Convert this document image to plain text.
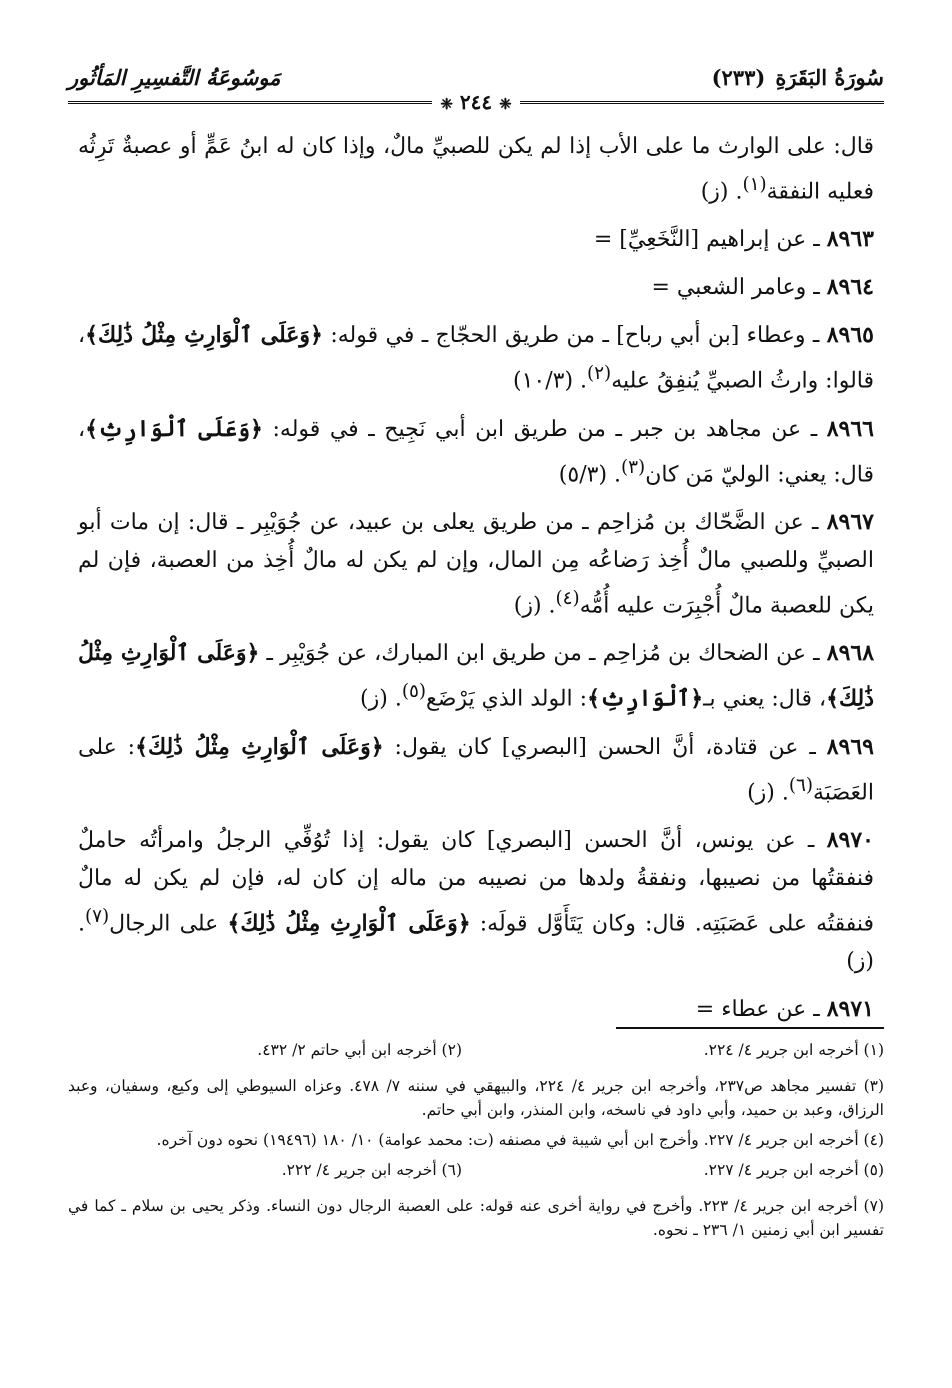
سُورَةُ البَقَرَةِ
(٢٣٣)
مَوسُوعَةُ التَّفسِيرِ المَأثُور
❈ ٢٤٤ ❈

قال: على الوارث ما على الأب إذا لم يكن للصبيِّ مالٌ، وإذا كان له ابنُ عَمٍّ أو عصبةٌ تَرِثُه فعليه النفقة$^{(١)}$. (ز)

٨٩٦٣ ـ عن إبراهيم [النَّخَعِيِّ] =

٨٩٦٤ ـ وعامر الشعبي =

٨٩٦٥ ـ وعطاء [بن أبي رباح] ـ من طريق الحجّاج ـ في قوله: ﴿وَعَلَى ٱلْوَارِثِ مِثْلُ ذَٰلِكَ﴾، قالوا: وارثُ الصبيِّ يُنفِقُ عليه$^{(٢)}$. (١٠/٣)

٨٩٦٦ ـ عن مجاهد بن جبر ـ من طريق ابن أبي نَجِيح ـ في قوله: ﴿وَعَلَى ٱلْوَارِثِ﴾، قال: يعني: الوليّ مَن كان$^{(٣)}$. (٥/٣)

٨٩٦٧ ـ عن الضَّحّاك بن مُزاحِم ـ من طريق يعلى بن عبيد، عن جُوَيْبِر ـ قال: إن مات أبو الصبيِّ وللصبي مالٌ أُخِذ رَضاعُه مِن المال، وإن لم يكن له مالٌ أُخِذ من العصبة، فإن لم يكن للعصبة مالٌ أُجْبِرَت عليه أُمُّه$^{(٤)}$. (ز)

٨٩٦٨ ـ عن الضحاك بن مُزاحِم ـ من طريق ابن المبارك، عن جُوَيْبِر ـ ﴿وَعَلَى ٱلْوَارِثِ مِثْلُ ذَٰلِكَ﴾، قال: يعني بـ﴿ٱلْوَارِثِ﴾: الولد الذي يَرْضَع$^{(٥)}$. (ز)

٨٩٦٩ ـ عن قتادة، أنَّ الحسن [البصري] كان يقول: ﴿وَعَلَى ٱلْوَارِثِ مِثْلُ ذَٰلِكَ﴾: على العَصَبَة$^{(٦)}$. (ز)

٨٩٧٠ ـ عن يونس، أنَّ الحسن [البصري] كان يقول: إذا تُوُفِّي الرجلُ وامرأتُه حاملٌ فنفقتُها من نصيبها، ونفقةُ ولدها من نصيبه من ماله إن كان له، فإن لم يكن له مالٌ فنفقتُه على عَصَبَتِه. قال: وكان يَتَأَوَّل قولَه: ﴿وَعَلَى ٱلْوَارِثِ مِثْلُ ذَٰلِكَ﴾ على الرجال$^{(٧)}$. (ز)

٨٩٧١ ـ عن عطاء =

(١) أخرجه ابن جرير ٤/ ٢٢٤.
(٢) أخرجه ابن أبي حاتم ٢/ ٤٣٢.
(٣) تفسير مجاهد ص٢٣٧، وأخرجه ابن جرير ٤/ ٢٢٤، والبيهقي في سننه ٧/ ٤٧٨. وعزاه السيوطي إلى وكيع، وسفيان، وعبد الرزاق، وعبد بن حميد، وأبي داود في ناسخه، وابن المنذر، وابن أبي حاتم.
(٤) أخرجه ابن جرير ٤/ ٢٢٧. وأخرج ابن أبي شيبة في مصنفه (ت: محمد عوامة) ١٠/ ١٨٠ (١٩٤٩٦) نحوه دون آخره.
(٥) أخرجه ابن جرير ٤/ ٢٢٧.
(٦) أخرجه ابن جرير ٤/ ٢٢٢.
(٧) أخرجه ابن جرير ٤/ ٢٢٣. وأخرج في رواية أخرى عنه قوله: على العصبة الرجال دون النساء. وذكر يحيى بن سلام ـ كما في تفسير ابن أبي زمنين ١/ ٢٣٦ ـ نحوه.
